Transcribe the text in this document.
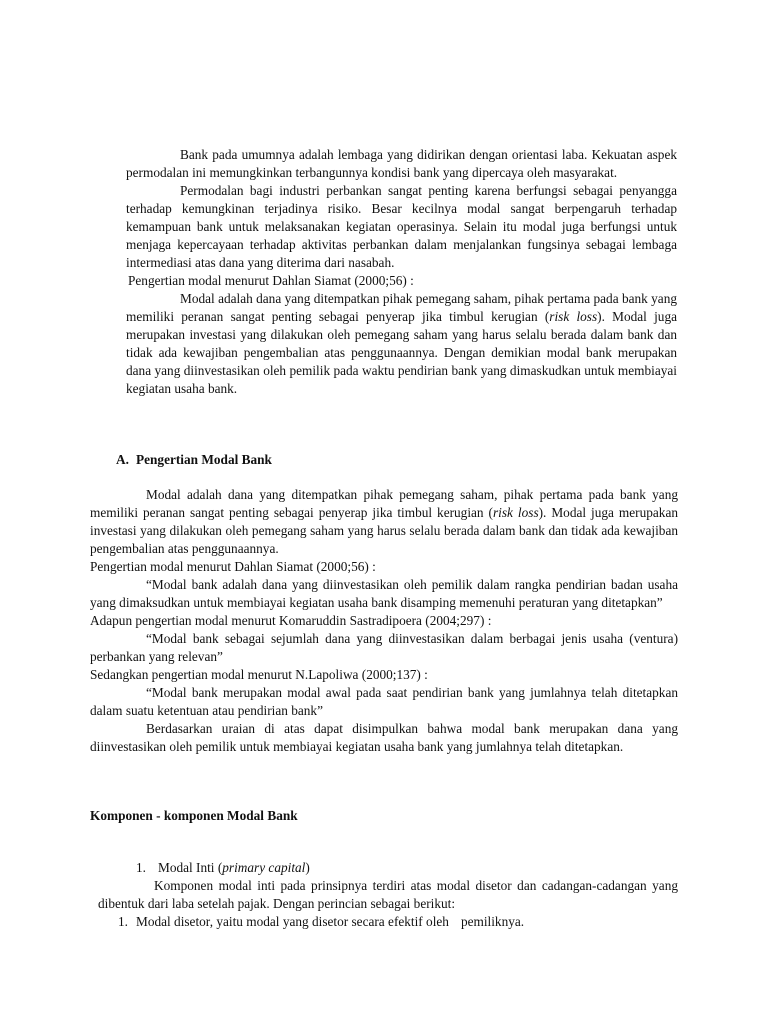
Bank pada umumnya adalah lembaga yang didirikan dengan orientasi laba. Kekuatan aspek permodalan ini memungkinkan terbangunnya kondisi bank yang dipercaya oleh masyarakat.

Permodalan bagi industri perbankan sangat penting karena berfungsi sebagai penyangga terhadap kemungkinan terjadinya risiko. Besar kecilnya modal sangat berpengaruh terhadap kemampuan bank untuk melaksanakan kegiatan operasinya. Selain itu modal juga berfungsi untuk menjaga kepercayaan terhadap aktivitas perbankan dalam menjalankan fungsinya sebagai lembaga intermediasi atas dana yang diterima dari nasabah.

Pengertian modal menurut Dahlan Siamat (2000;56) :

Modal adalah dana yang ditempatkan pihak pemegang saham, pihak pertama pada bank yang memiliki peranan sangat penting sebagai penyerap jika timbul kerugian (risk loss). Modal juga merupakan investasi yang dilakukan oleh pemegang saham yang harus selalu berada dalam bank dan tidak ada kewajiban pengembalian atas penggunaannya. Dengan demikian modal bank merupakan dana yang diinvestasikan oleh pemilik pada waktu pendirian bank yang dimaskudkan untuk membiayai kegiatan usaha bank.

A. Pengertian Modal Bank

Modal adalah dana yang ditempatkan pihak pemegang saham, pihak pertama pada bank yang memiliki peranan sangat penting sebagai penyerap jika timbul kerugian (risk loss). Modal juga merupakan investasi yang dilakukan oleh pemegang saham yang harus selalu berada dalam bank dan tidak ada kewajiban pengembalian atas penggunaannya.

Pengertian modal menurut Dahlan Siamat (2000;56) :

“Modal bank adalah dana yang diinvestasikan oleh pemilik dalam rangka pendirian badan usaha yang dimaksudkan untuk membiayai kegiatan usaha bank disamping memenuhi peraturan yang ditetapkan”

Adapun pengertian modal menurut Komaruddin Sastradipoera (2004;297) :

“Modal bank sebagai sejumlah dana yang diinvestasikan dalam berbagai jenis usaha (ventura) perbankan yang relevan”

Sedangkan pengertian modal menurut N.Lapoliwa (2000;137) :

“Modal bank merupakan modal awal pada saat pendirian bank yang jumlahnya telah ditetapkan dalam suatu ketentuan atau pendirian bank”

Berdasarkan uraian di atas dapat disimpulkan bahwa modal bank merupakan dana yang diinvestasikan oleh pemilik untuk membiayai kegiatan usaha bank yang jumlahnya telah ditetapkan.

Komponen - komponen Modal Bank

1. Modal Inti (primary capital)

Komponen modal inti pada prinsipnya terdiri atas modal disetor dan cadangan-cadangan yang dibentuk dari laba setelah pajak. Dengan perincian sebagai berikut:

1. Modal disetor, yaitu modal yang disetor secara efektif oleh pemiliknya.
